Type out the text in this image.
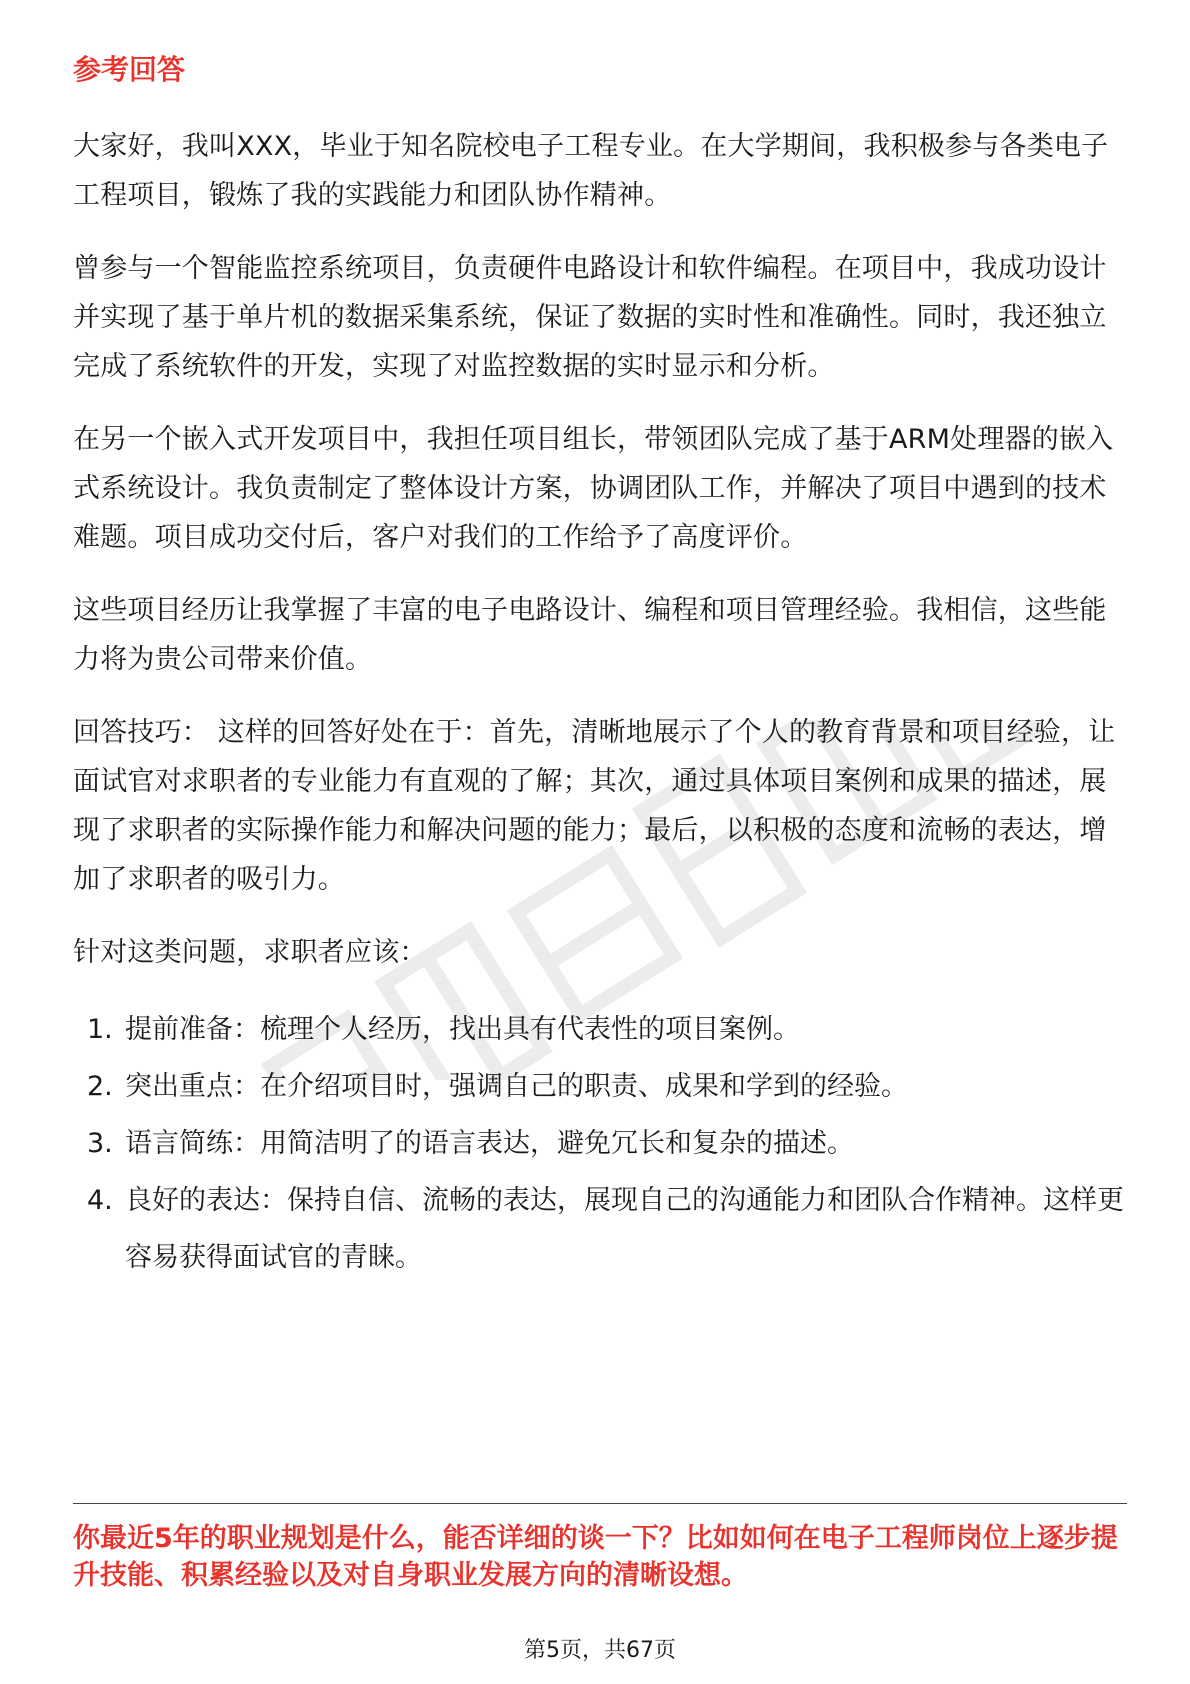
参考回答

大家好，我叫XXX，毕业于知名院校电子工程专业。在大学期间，我积极参与各类电子工程项目，锻炼了我的实践能力和团队协作精神。

曾参与一个智能监控系统项目，负责硬件电路设计和软件编程。在项目中，我成功设计并实现了基于单片机的数据采集系统，保证了数据的实时性和准确性。同时，我还独立完成了系统软件的开发，实现了对监控数据的实时显示和分析。

在另一个嵌入式开发项目中，我担任项目组长，带领团队完成了基于ARM处理器的嵌入式系统设计。我负责制定了整体设计方案，协调团队工作，并解决了项目中遇到的技术难题。项目成功交付后，客户对我们的工作给予了高度评价。

这些项目经历让我掌握了丰富的电子电路设计、编程和项目管理经验。我相信，这些能力将为贵公司带来价值。

回答技巧： 这样的回答好处在于：首先，清晰地展示了个人的教育背景和项目经验，让面试官对求职者的专业能力有直观的了解；其次，通过具体项目案例和成果的描述，展现了求职者的实际操作能力和解决问题的能力；最后，以积极的态度和流畅的表达，增加了求职者的吸引力。

针对这类问题，求职者应该：

1. 提前准备：梳理个人经历，找出具有代表性的项目案例。
2. 突出重点：在介绍项目时，强调自己的职责、成果和学到的经验。
3. 语言简练：用简洁明了的语言表达，避免冗长和复杂的描述。
4. 良好的表达：保持自信、流畅的表达，展现自己的沟通能力和团队合作精神。这样更容易获得面试官的青睐。

你最近5年的职业规划是什么，能否详细的谈一下？比如如何在电子工程师岗位上逐步提升技能、积累经验以及对自身职业发展方向的清晰设想。

第5页，共67页
